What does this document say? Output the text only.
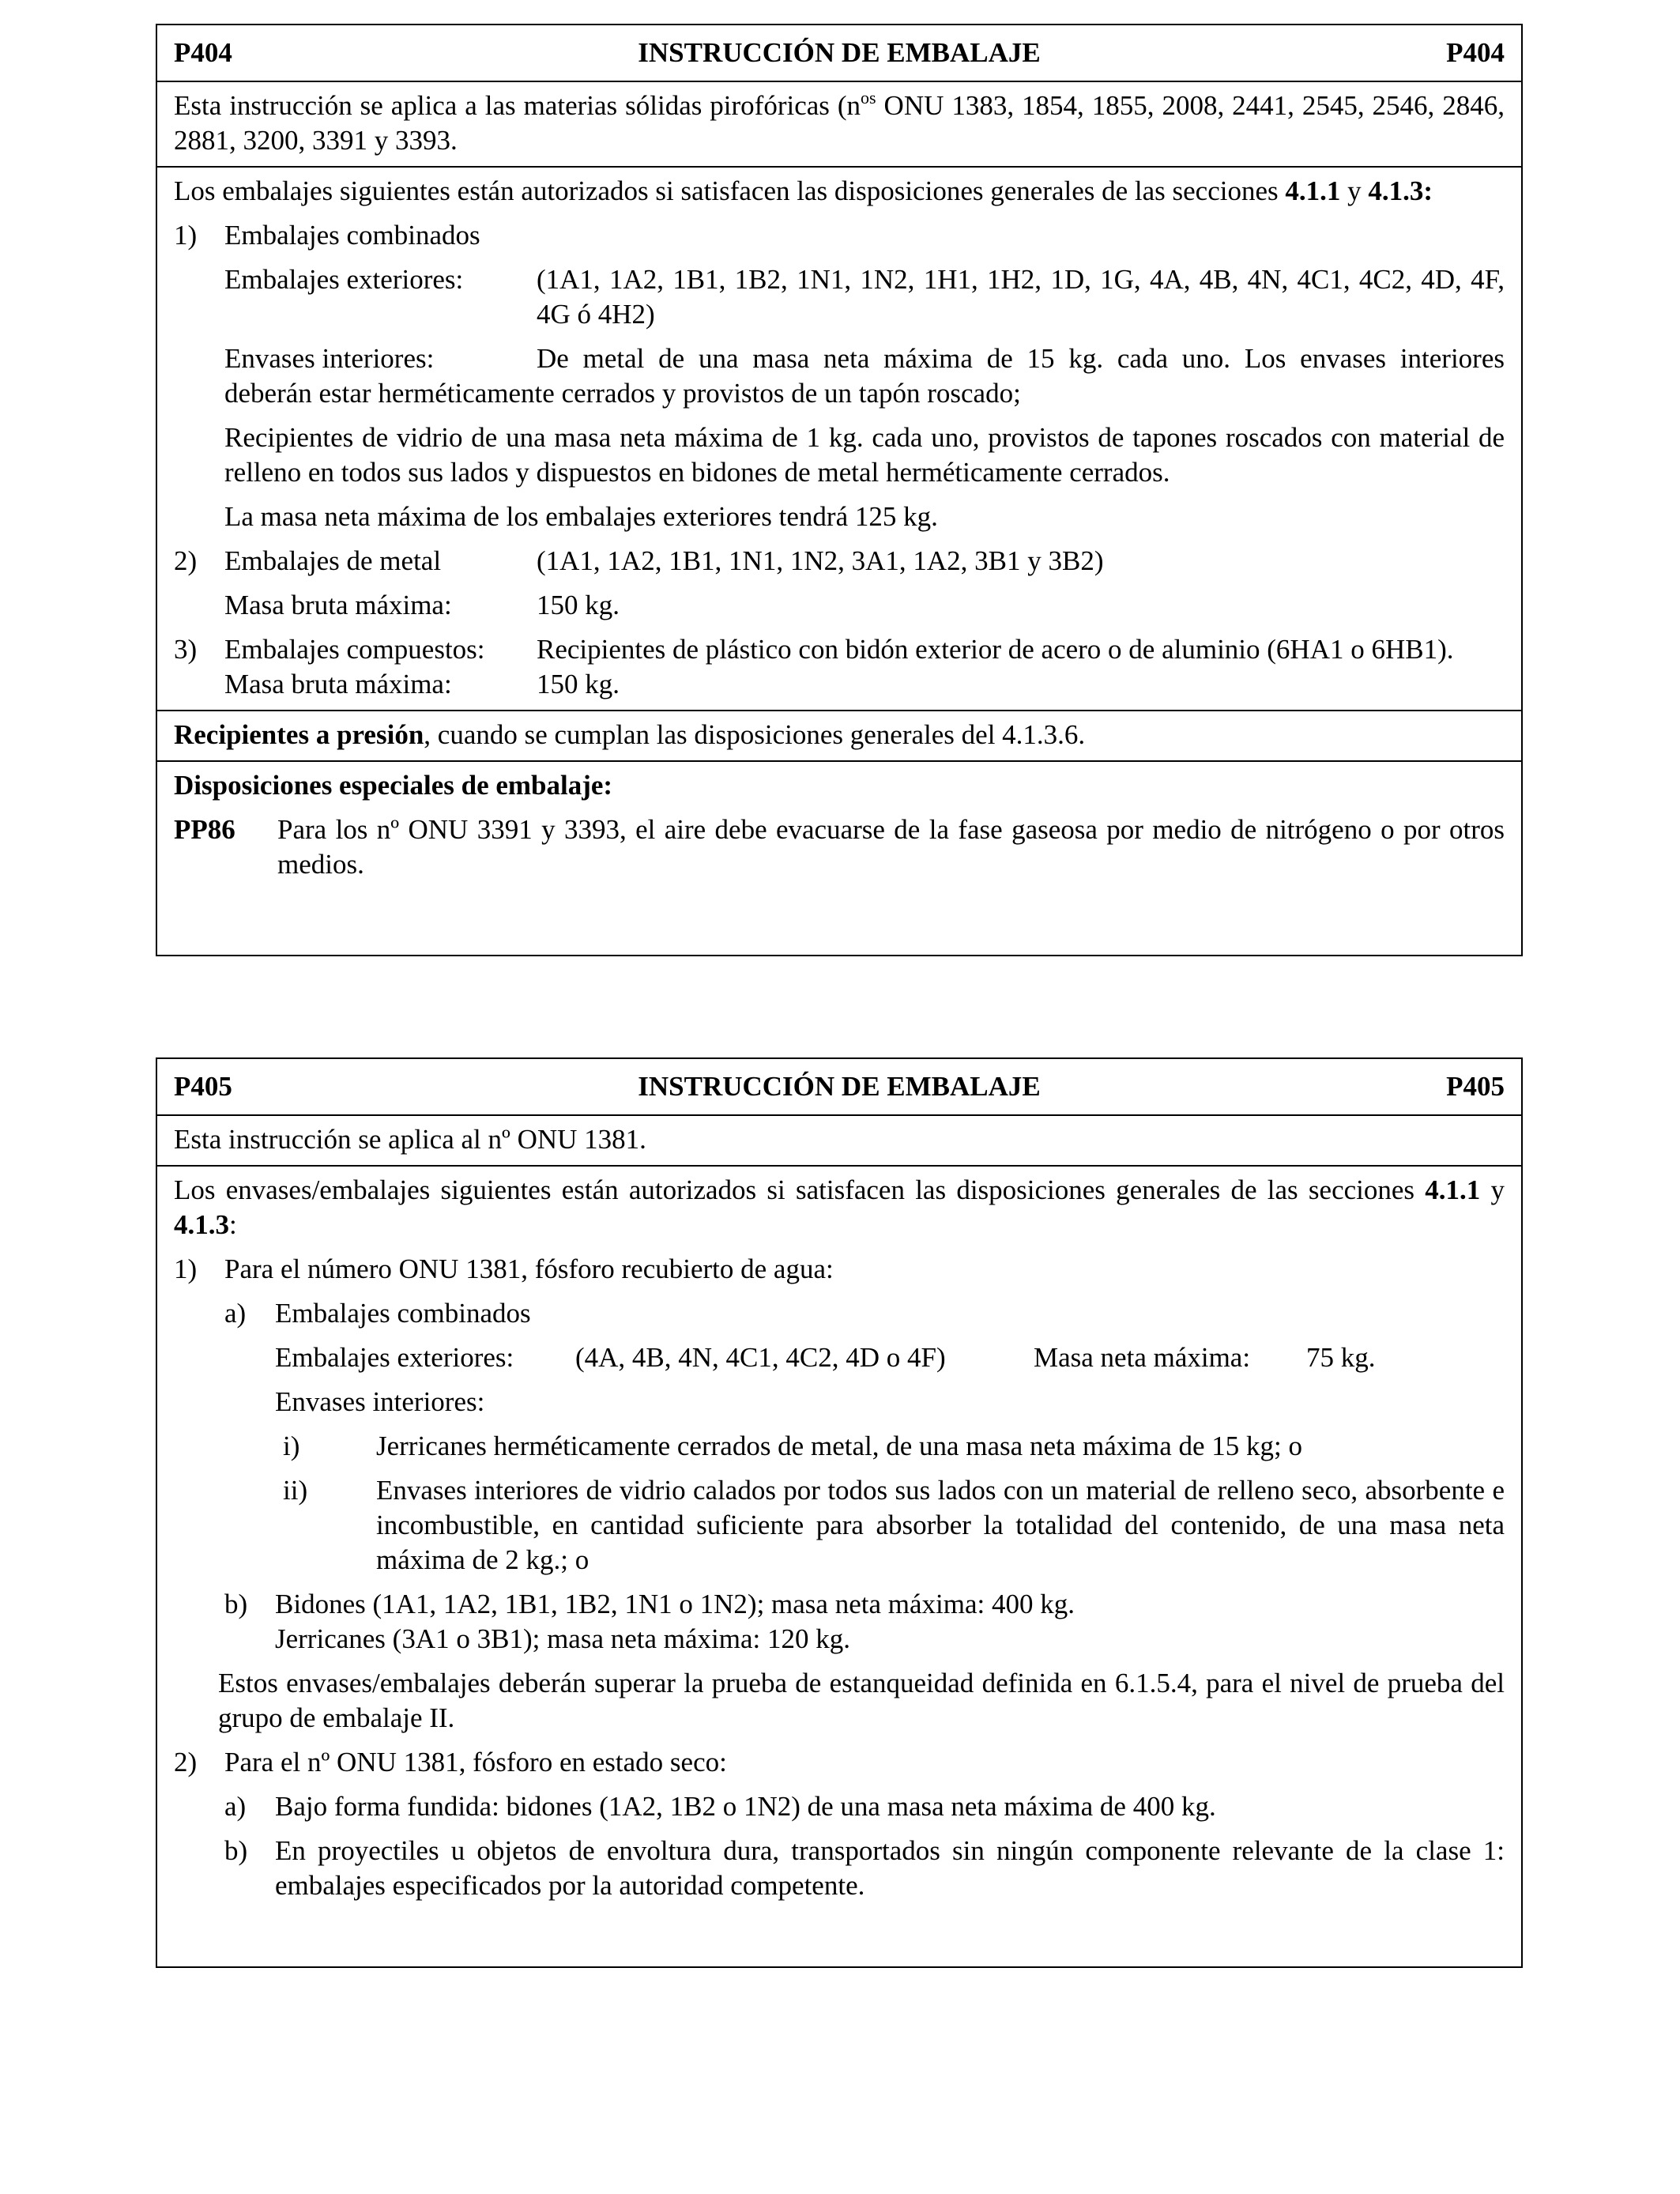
P404	INSTRUCCIÓN DE EMBALAJE	P404

Esta instrucción se aplica a las materias sólidas pirofóricas ($n^{os}$ ONU 1383, 1854, 1855, 2008, 2441, 2545, 2546, 2846, 2881, 3200, 3391 y 3393.

Los embalajes siguientes están autorizados si satisfacen las disposiciones generales de las secciones 4.1.1 y 4.1.3:

1) Embalajes combinados

Embalajes exteriores:	(1A1, 1A2, 1B1, 1B2, 1N1, 1N2, 1H1, 1H2, 1D, 1G, 4A, 4B, 4N, 4C1, 4C2, 4D, 4F, 4G ó 4H2)
Envases interiores:	De metal de una masa neta máxima de 15 kg. cada uno. Los envases interiores

deberán estar herméticamente cerrados y provistos de un tapón roscado;

Recipientes de vidrio de una masa neta máxima de 1 kg. cada uno, provistos de tapones roscados con material de relleno en todos sus lados y dispuestos en bidones de metal herméticamente cerrados.

La masa neta máxima de los embalajes exteriores tendrá 125 kg.

2) Embalajes de metal	(1A1, 1A2, 1B1, 1N1, 1N2, 3A1, 1A2, 3B1 y 3B2)
Masa bruta máxima:	150 kg.
3) Embalajes compuestos:	Recipientes de plástico con bidón exterior de acero o de aluminio (6HA1 o 6HB1).
Masa bruta máxima:	150 kg.

Recipientes a presión, cuando se cumplan las disposiciones generales del 4.1.3.6.

Disposiciones especiales de embalaje:

PP86	Para los nº ONU 3391 y 3393, el aire debe evacuarse de la fase gaseosa por medio de nitrógeno o por otros medios.
P405	INSTRUCCIÓN DE EMBALAJE	P405

Esta instrucción se aplica al nº ONU 1381.

Los envases/embalajes siguientes están autorizados si satisfacen las disposiciones generales de las secciones 4.1.1 y 4.1.3:

1) Para el número ONU 1381, fósforo recubierto de agua:

a) Embalajes combinados

Embalajes exteriores:	(4A, 4B, 4N, 4C1, 4C2, 4D o 4F)	Masa neta máxima:	75 kg.

Envases interiores:

i)	Jerricanes herméticamente cerrados de metal, de una masa neta máxima de 15 kg; o
ii)	Envases interiores de vidrio calados por todos sus lados con un material de relleno seco, absorbente e incombustible, en cantidad suficiente para absorber la totalidad del contenido, de una masa neta máxima de 2 kg.; o
b) Bidones (1A1, 1A2, 1B1, 1B2, 1N1 o 1N2); masa neta máxima: 400 kg.
Jerricanes (3A1 o 3B1); masa neta máxima: 120 kg.

Estos envases/embalajes deberán superar la prueba de estanqueidad definida en 6.1.5.4, para el nivel de prueba del grupo de embalaje II.

2) Para el nº ONU 1381, fósforo en estado seco:

a)	Bajo forma fundida: bidones (1A2, 1B2 o 1N2) de una masa neta máxima de 400 kg.
b) En proyectiles u objetos de envoltura dura, transportados sin ningún componente relevante de la clase 1: embalajes especificados por la autoridad competente.
